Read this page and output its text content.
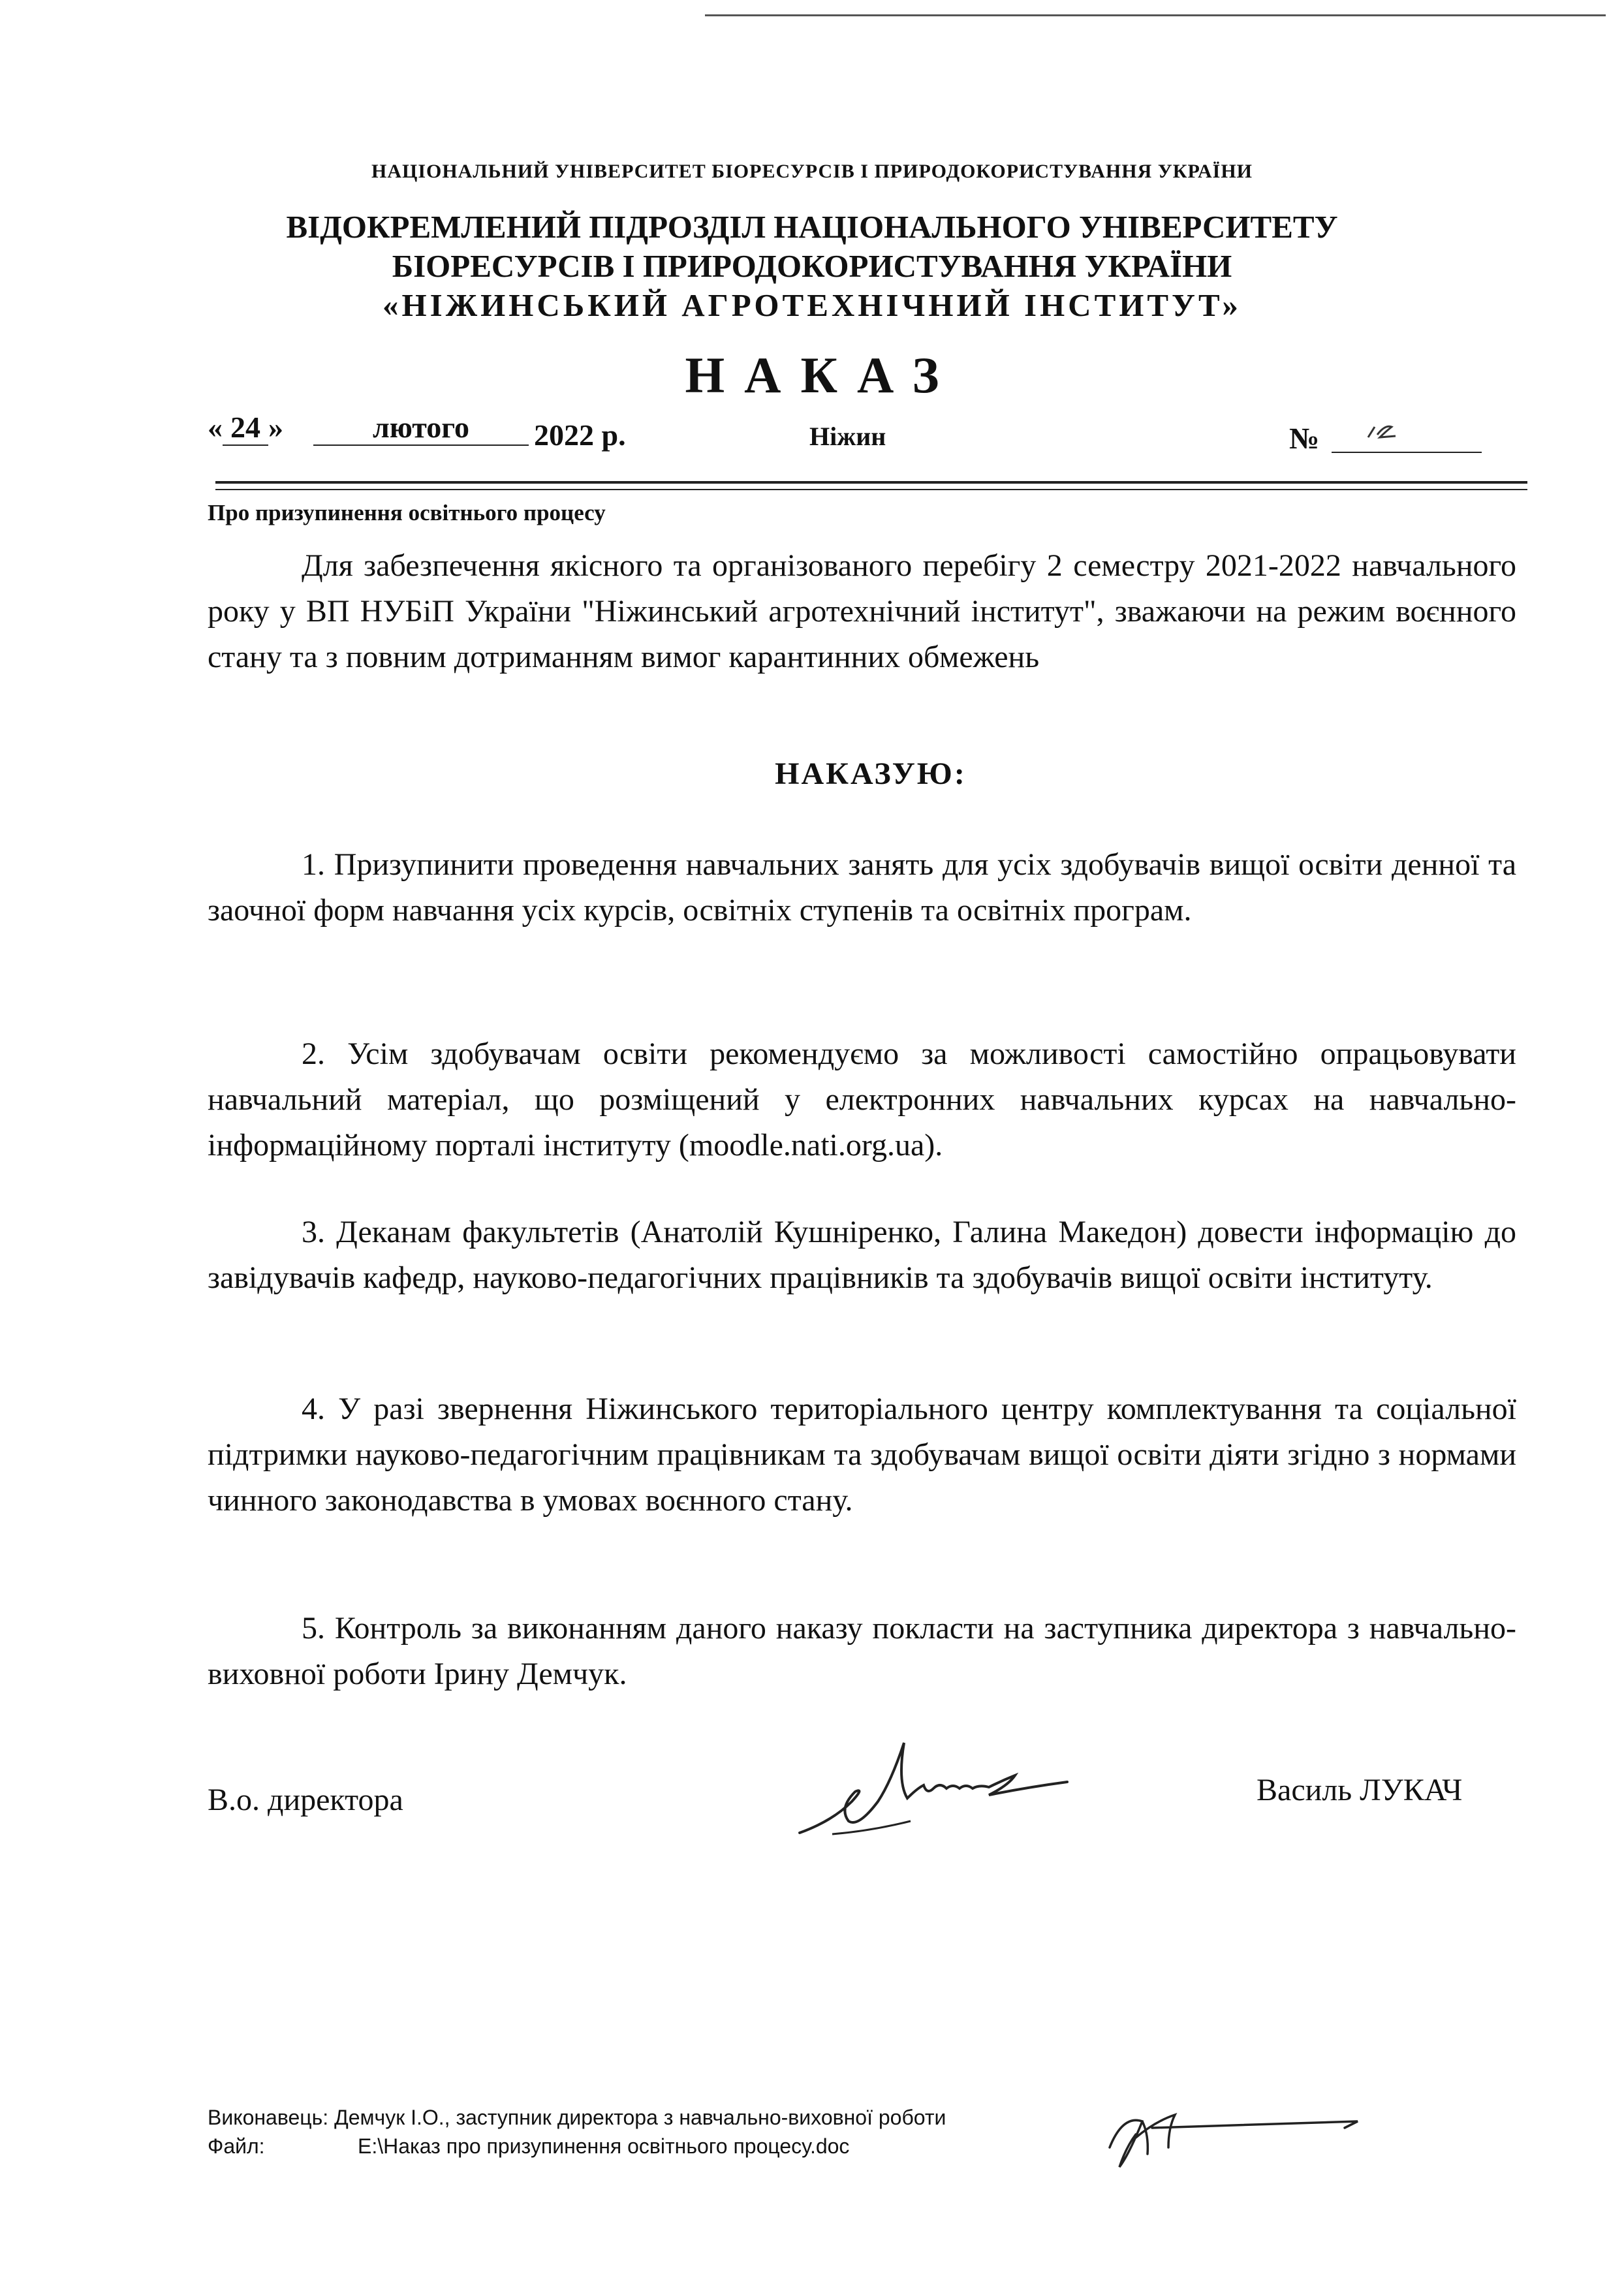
НАЦІОНАЛЬНИЙ УНІВЕРСИТЕТ БІОРЕСУРСІВ І ПРИРОДОКОРИСТУВАННЯ УКРАЇНИ
ВІДОКРЕМЛЕНИЙ ПІДРОЗДІЛ НАЦІОНАЛЬНОГО УНІВЕРСИТЕТУ
БІОРЕСУРСІВ І ПРИРОДОКОРИСТУВАННЯ УКРАЇНИ
«НІЖИНСЬКИЙ АГРОТЕХНІЧНИЙ ІНСТИТУТ»
НАКАЗ
« 24 »	лютого	2022 р.	Ніжин	№
Про призупинення освітнього процесу
Для забезпечення якісного та організованого перебігу 2 семестру 2021-2022 навчального року у ВП НУБіП України "Ніжинський агротехнічний інститут", зважаючи на режим воєнного стану та з повним дотриманням вимог карантинних обмежень
НАКАЗУЮ:
1. Призупинити проведення навчальних занять для усіх здобувачів вищої освіти денної та заочної форм навчання усіх курсів, освітніх ступенів та освітніх програм.
2. Усім здобувачам освіти рекомендуємо за можливості самостійно опрацьовувати навчальний матеріал, що розміщений у електронних навчальних курсах на навчально-інформаційному порталі інституту (moodle.nati.org.ua).
3. Деканам факультетів (Анатолій Кушніренко, Галина Македон) довести інформацію до завідувачів кафедр, науково-педагогічних працівників та здобувачів вищої освіти інституту.
4. У разі звернення Ніжинського територіального центру комплектування та соціальної підтримки науково-педагогічним працівникам та здобувачам вищої освіти діяти згідно з нормами чинного законодавства в умовах воєнного стану.
5. Контроль за виконанням даного наказу покласти на заступника директора з навчально-виховної роботи Ірину Демчук.
В.о. директора	Василь ЛУКАЧ
Виконавець: Демчук І.О., заступник директора з навчально-виховної роботи
Файл:	E:\Наказ про призупинення освітнього процесу.doc
